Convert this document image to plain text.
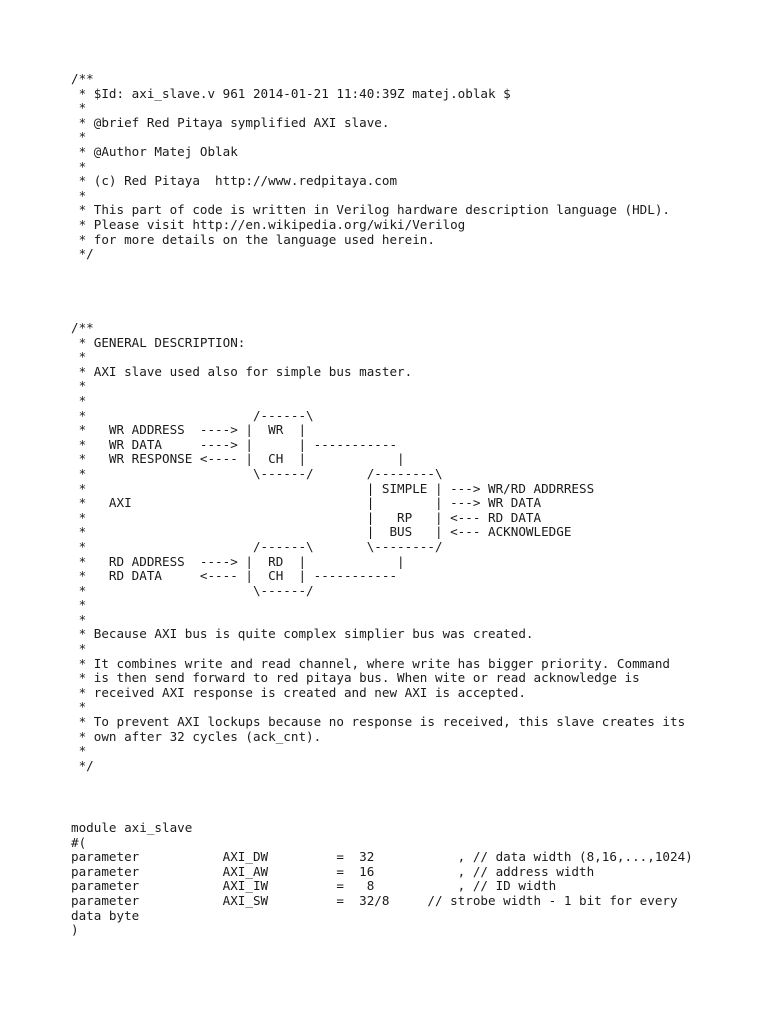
/**
* $Id: axi_slave.v 961 2014-01-21 11:40:39Z matej.oblak $
*
* @brief Red Pitaya symplified AXI slave.
*
* @Author Matej Oblak
*
* (c) Red Pitaya  http://www.redpitaya.com
*
* This part of code is written in Verilog hardware description language (HDL).
* Please visit http://en.wikipedia.org/wiki/Verilog
* for more details on the language used herein.
*/
/**
* GENERAL DESCRIPTION:
*
* AXI slave used also for simple bus master.
*
*
*                      /------\
*   WR ADDRESS  ----> |  WR  |
*   WR DATA     ----> |      | -----------
*   WR RESPONSE <---- |  CH  |            |
*                      \------/       /--------\
*                                     | SIMPLE | ---> WR/RD ADDRRESS
*   AXI                               |        | ---> WR DATA
*                                     |   RP   | <--- RD DATA
*                                     |  BUS   | <--- ACKNOWLEDGE
*                      /------\       \--------/
*   RD ADDRESS  ----> |  RD  |            |
*   RD DATA     <---- |  CH  | -----------
*                      \------/
*
*
* Because AXI bus is quite complex simplier bus was created.
*
* It combines write and read channel, where write has bigger priority. Command
* is then send forward to red pitaya bus. When wite or read acknowledge is
* received AXI response is created and new AXI is accepted.
*
* To prevent AXI lockups because no response is received, this slave creates its
* own after 32 cycles (ack_cnt).
*
*/
module axi_slave
#(
parameter           AXI_DW         =  32           , // data width (8,16,...,1024)
parameter           AXI_AW         =  16           , // address width
parameter           AXI_IW         =   8           , // ID width
parameter           AXI_SW         =  32/8     // strobe width - 1 bit for every
data byte
)
